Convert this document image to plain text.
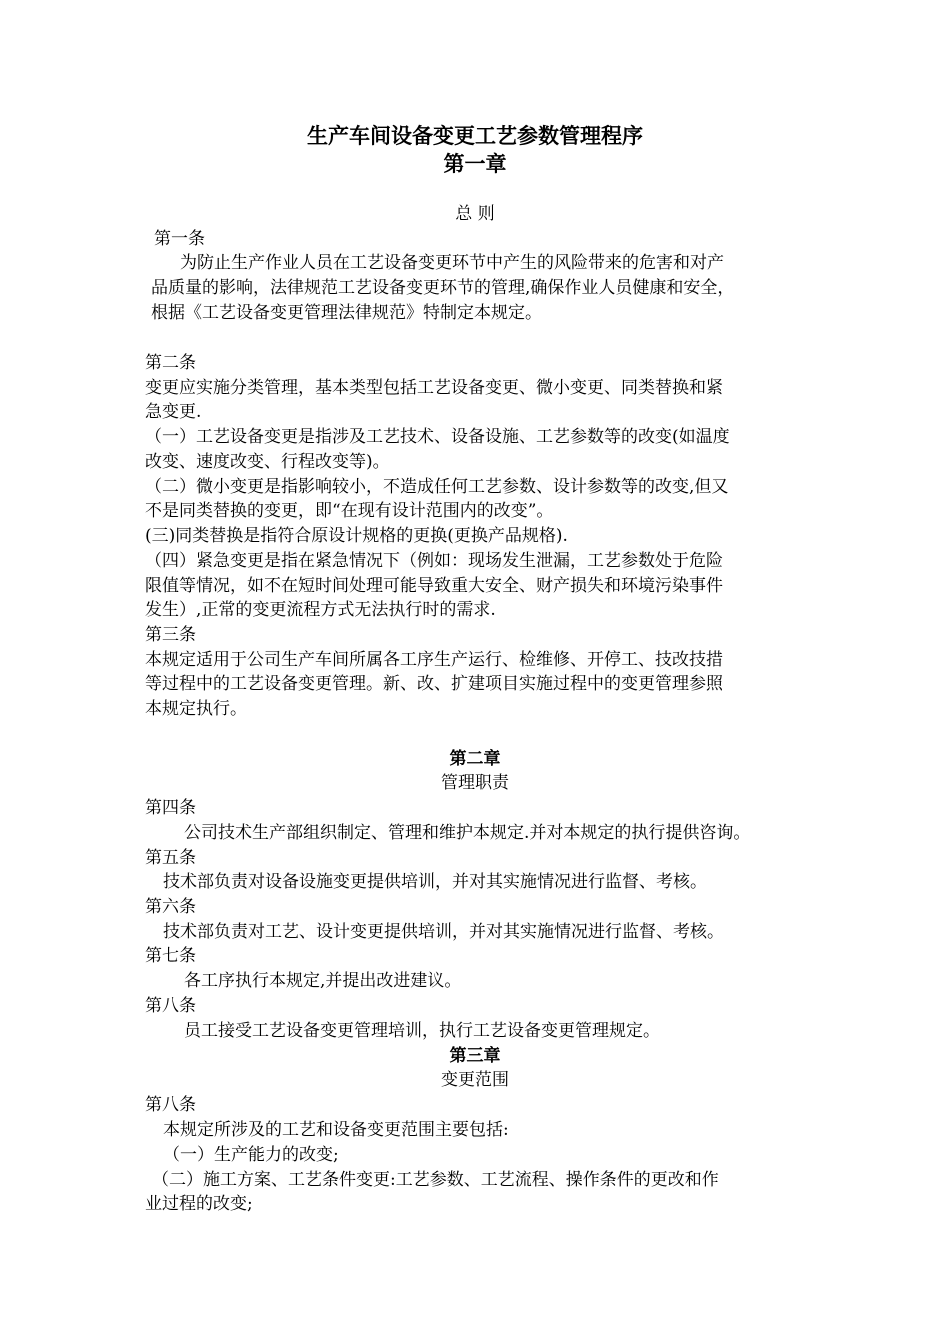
生产车间设备变更工艺参数管理程序
第一章
总 则
第一条
为防止生产作业人员在工艺设备变更环节中产生的风险带来的危害和对产
品质量的影响，法律规范工艺设备变更环节的管理,确保作业人员健康和安全，
根据《工艺设备变更管理法律规范》特制定本规定。
第二条
变更应实施分类管理，基本类型包括工艺设备变更、微小变更、同类替换和紧
急变更.
（一）工艺设备变更是指涉及工艺技术、设备设施、工艺参数等的改变(如温度
改变、速度改变、行程改变等)。
（二）微小变更是指影响较小，不造成任何工艺参数、设计参数等的改变,但又
不是同类替换的变更，即“在现有设计范围内的改变”。
(三)同类替换是指符合原设计规格的更换(更换产品规格).
（四）紧急变更是指在紧急情况下（例如：现场发生泄漏，工艺参数处于危险
限值等情况，如不在短时间处理可能导致重大安全、财产损失和环境污染事件
发生）,正常的变更流程方式无法执行时的需求.
第三条
本规定适用于公司生产车间所属各工序生产运行、检维修、开停工、技改技措
等过程中的工艺设备变更管理。新、改、扩建项目实施过程中的变更管理参照
本规定执行。
第二章
管理职责
第四条
公司技术生产部组织制定、管理和维护本规定.并对本规定的执行提供咨询。
第五条
技术部负责对设备设施变更提供培训，并对其实施情况进行监督、考核。
第六条
技术部负责对工艺、设计变更提供培训，并对其实施情况进行监督、考核。
第七条
各工序执行本规定,并提出改进建议。
第八条
员工接受工艺设备变更管理培训，执行工艺设备变更管理规定。
第三章
变更范围
第八条
本规定所涉及的工艺和设备变更范围主要包括:
（一）生产能力的改变;
（二）施工方案、工艺条件变更:工艺参数、工艺流程、操作条件的更改和作
业过程的改变;
